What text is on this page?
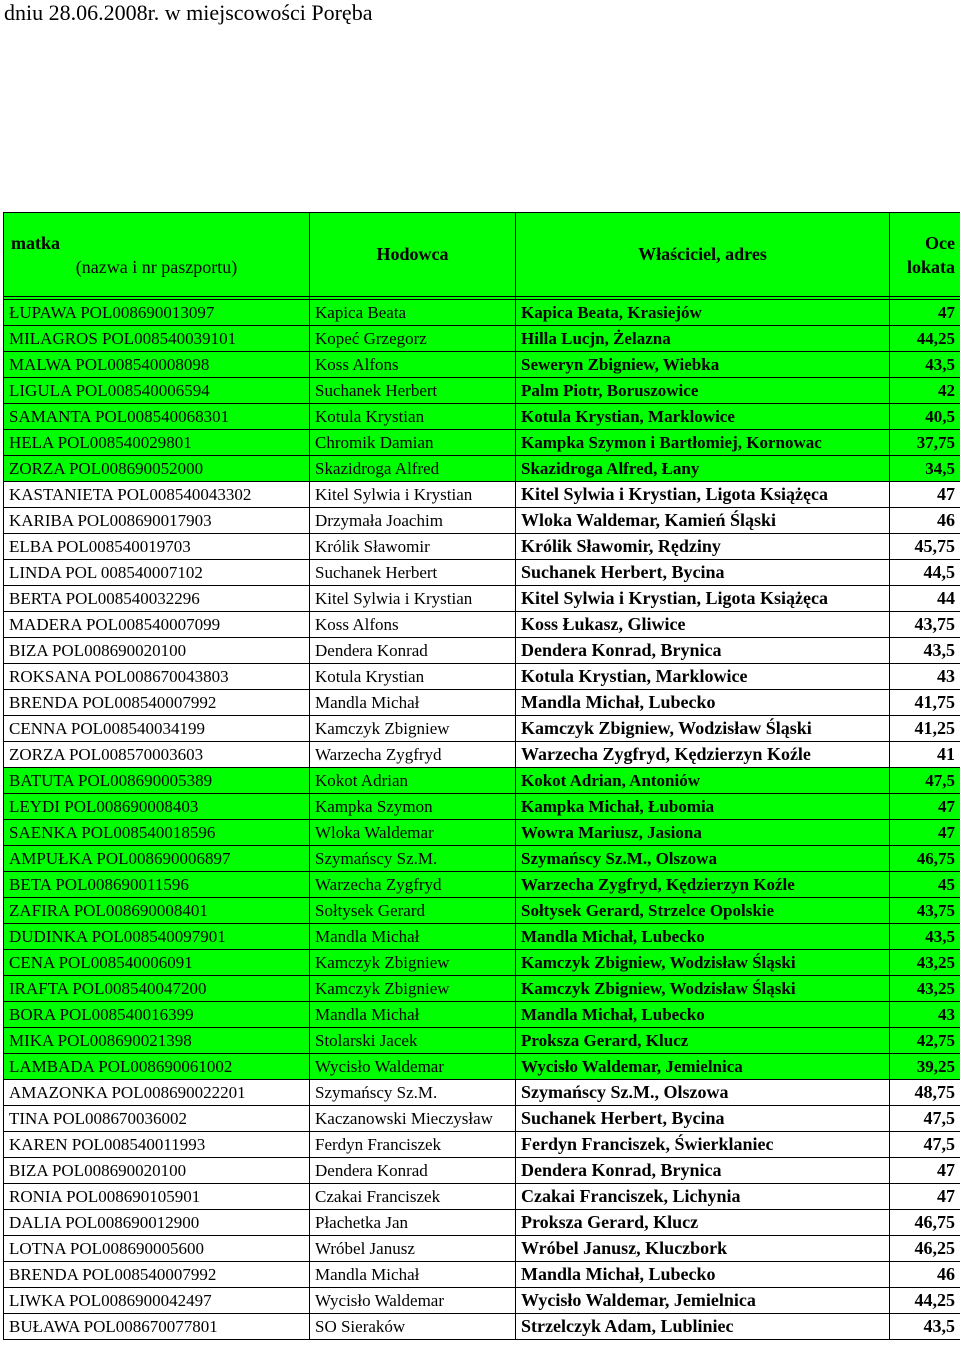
dniu 28.06.2008r. w miejscowości Poręba
matka
(nazwa i nr paszportu)	Hodowca	Właściciel, adres	Oce
lokata

ŁUPAWA POL008690013097	Kapica Beata	Kapica Beata, Krasiejów	47
MILAGROS POL008540039101	Kopeć Grzegorz	Hilla Lucjn, Żelazna	44,25
MALWA POL008540008098	Koss Alfons	Seweryn Zbigniew, Wiebka	43,5
LIGULA POL008540006594	Suchanek Herbert	Palm Piotr, Boruszowice	42
SAMANTA POL008540068301	Kotula Krystian	Kotula Krystian, Marklowice	40,5
HELA POL008540029801	Chromik Damian	Kampka Szymon i Bartłomiej, Kornowac	37,75
ZORZA POL008690052000	Skazidroga Alfred	Skazidroga Alfred, Łany	34,5
KASTANIETA POL008540043302	Kitel Sylwia i Krystian	Kitel Sylwia i Krystian, Ligota Książęca	47
KARIBA POL008690017903	Drzymała Joachim	Wloka Waldemar, Kamień Śląski	46
ELBA POL008540019703	Królik Sławomir	Królik Sławomir, Rędziny	45,75
LINDA POL 008540007102	Suchanek Herbert	Suchanek Herbert, Bycina	44,5
BERTA POL008540032296	Kitel Sylwia i Krystian	Kitel Sylwia i Krystian, Ligota Książęca	44
MADERA POL008540007099	Koss Alfons	Koss Łukasz, Gliwice	43,75
BIZA POL008690020100	Dendera Konrad	Dendera Konrad, Brynica	43,5
ROKSANA POL008670043803	Kotula Krystian	Kotula Krystian, Marklowice	43
BRENDA POL008540007992	Mandla Michał	Mandla Michał, Lubecko	41,75
CENNA POL008540034199	Kamczyk Zbigniew	Kamczyk Zbigniew, Wodzisław Śląski	41,25
ZORZA POL008570003603	Warzecha Zygfryd	Warzecha Zygfryd, Kędzierzyn Koźle	41
BATUTA POL008690005389	Kokot Adrian	Kokot Adrian, Antoniów	47,5
LEYDI POL008690008403	Kampka Szymon	Kampka Michał, Łubomia	47
SAENKA POL008540018596	Wloka Waldemar	Wowra Mariusz, Jasiona	47
AMPUŁKA POL008690006897	Szymańscy Sz.M.	Szymańscy Sz.M., Olszowa	46,75
BETA POL008690011596	Warzecha Zygfryd	Warzecha Zygfryd, Kędzierzyn Koźle	45
ZAFIRA POL008690008401	Sołtysek Gerard	Sołtysek Gerard, Strzelce Opolskie	43,75
DUDINKA POL008540097901	Mandla Michał	Mandla Michał, Lubecko	43,5
CENA POL008540006091	Kamczyk Zbigniew	Kamczyk Zbigniew, Wodzisław Śląski	43,25
IRAFTA POL008540047200	Kamczyk Zbigniew	Kamczyk Zbigniew, Wodzisław Śląski	43,25
BORA POL008540016399	Mandla Michał	Mandla Michał, Lubecko	43
MIKA POL008690021398	Stolarski Jacek	Proksza Gerard, Klucz	42,75
LAMBADA POL008690061002	Wycisło Waldemar	Wycisło Waldemar, Jemielnica	39,25
AMAZONKA POL008690022201	Szymańscy Sz.M.	Szymańscy Sz.M., Olszowa	48,75
TINA POL008670036002	Kaczanowski Mieczysław	Suchanek Herbert, Bycina	47,5
KAREN POL008540011993	Ferdyn Franciszek	Ferdyn Franciszek, Świerklaniec	47,5
BIZA POL008690020100	Dendera Konrad	Dendera Konrad, Brynica	47
RONIA POL008690105901	Czakai Franciszek	Czakai Franciszek, Lichynia	47
DALIA POL008690012900	Płachetka Jan	Proksza Gerard, Klucz	46,75
LOTNA POL008690005600	Wróbel Janusz	Wróbel Janusz, Kluczbork	46,25
BRENDA POL008540007992	Mandla Michał	Mandla Michał, Lubecko	46
LIWKA POL0086900042497	Wycisło Waldemar	Wycisło Waldemar, Jemielnica	44,25
BUŁAWA POL008670077801	SO Sieraków	Strzelczyk Adam, Lubliniec	43,5
